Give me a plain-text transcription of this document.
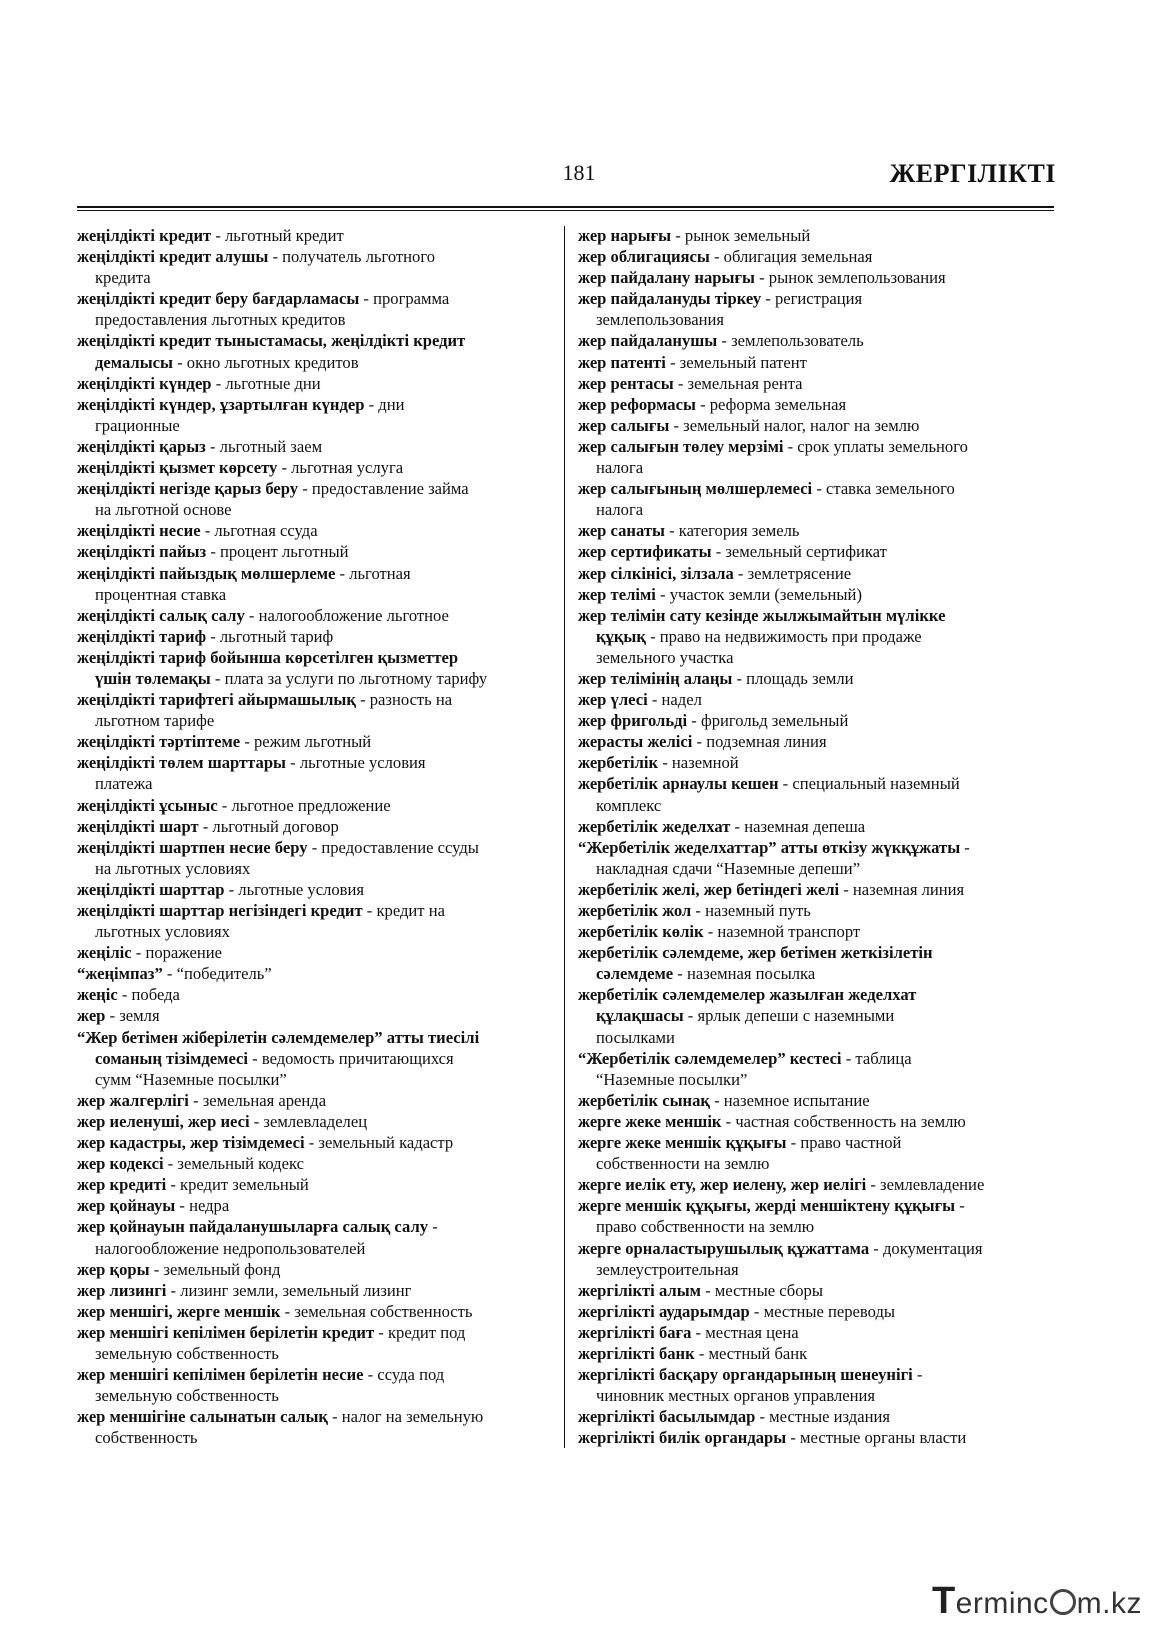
181	ЖЕРГІЛІКТІ

жеңілдікті кредит - льготный кредит

жеңілдікті кредит алушы - получатель льготного
кредита

жеңілдікті кредит беру бағдарламасы - программа
предоставления льготных кредитов

жеңілдікті кредит тыныстамасы, жеңілдікті кредит
демалысы - окно льготных кредитов

жеңілдікті күндер - льготные дни

жеңілдікті күндер, ұзартылған күндер - дни
грационные

жеңілдікті қарыз - льготный заем

жеңілдікті қызмет көрсету - льготная услуга

жеңілдікті негізде қарыз беру - предоставление займа
на льготной основе

жеңілдікті несие - льготная ссуда

жеңілдікті пайыз - процент льготный

жеңілдікті пайыздық мөлшерлеме - льготная
процентная ставка

жеңілдікті салық салу - налогообложение льготное

жеңілдікті тариф - льготный тариф

жеңілдікті тариф бойынша көрсетілген қызметтер
үшін төлемақы - плата за услуги по льготному тарифу

жеңілдікті тарифтегі айырмашылық - разность на
льготном тарифе

жеңілдікті тәртіптеме - режим льготный

жеңілдікті төлем шарттары - льготные условия
платежа

жеңілдікті ұсыныс - льготное предложение

жеңілдікті шарт - льготный договор

жеңілдікті шартпен несие беру - предоставление ссуды
на льготных условиях

жеңілдікті шарттар - льготные условия

жеңілдікті шарттар негізіндегі кредит - кредит на
льготных условиях

жеңіліс - поражение

“жеңімпаз” - “победитель”

жеңіс - победа

жер - земля

“Жер бетімен жіберілетін сәлемдемелер” атты тиесілі
соманың тізімдемесі - ведомость причитающихся
сумм “Наземные посылки”

жер жалгерлігі - земельная аренда

жер иеленуші, жер иесі - землевладелец

жер кадастры, жер тізімдемесі - земельный кадастр

жер кодексі - земельный кодекс

жер кредиті - кредит земельный

жер қойнауы - недра

жер қойнауын пайдаланушыларға салық салу -
налогообложение недропользователей

жер қоры - земельный фонд

жер лизингі - лизинг земли, земельный лизинг

жер меншігі, жерге меншік - земельная собственность

жер меншігі кепілімен берілетін кредит - кредит под
земельную собственность

жер меншігі кепілімен берілетін несие - ссуда под
земельную собственность

жер меншігіне салынатын салық - налог на земельную
собственность

жер нарығы - рынок земельный

жер облигациясы - облигация земельная

жер пайдалану нарығы - рынок землепользования

жер пайдалануды тіркеу - регистрация
землепользования

жер пайдаланушы - землепользователь

жер патенті - земельный патент

жер рентасы - земельная рента

жер реформасы - реформа земельная

жер салығы - земельный налог, налог на землю

жер салығын төлеу мерзімі - срок уплаты земельного
налога

жер салығының мөлшерлемесі - ставка земельного
налога

жер санаты - категория земель

жер сертификаты - земельный сертификат

жер сілкінісі, зілзала - землетрясение

жер телімі - участок земли (земельный)

жер телімін сату кезінде жылжымайтын мүлікке
құқық - право на недвижимость при продаже
земельного участка

жер телімінің алаңы - площадь земли

жер үлесі - надел

жер фригольді - фригольд земельный

жерасты желісі - подземная линия

жербетілік - наземной

жербетілік арнаулы кешен - специальный наземный
комплекс

жербетілік жеделхат - наземная депеша

“Жербетілік жеделхаттар” атты өткізу жүкқұжаты -
накладная сдачи “Наземные депеши”

жербетілік желі, жер бетіндегі желі - наземная линия

жербетілік жол - наземный путь

жербетілік көлік - наземной транспорт

жербетілік сәлемдеме, жер бетімен жеткізілетін
сәлемдеме - наземная посылка

жербетілік сәлемдемелер жазылған жеделхат
құлақшасы - ярлык депеши с наземными
посылками

“Жербетілік сәлемдемелер” кестесі - таблица
“Наземные посылки”

жербетілік сынақ - наземное испытание

жерге жеке меншік - частная собственность на землю

жерге жеке меншік құқығы - право частной
собственности на землю

жерге иелік ету, жер иелену, жер иелігі - землевладение

жерге меншік құқығы, жерді меншіктену құқығы -
право собственности на землю

жерге орналастырушылық құжаттама - документация
землеустроительная

жергілікті алым - местные сборы

жергілікті аударымдар - местные переводы

жергілікті баға - местная цена

жергілікті банк - местный банк

жергілікті басқару органдарының шенеунігі -
чиновник местных органов управления

жергілікті басылымдар - местные издания

жергілікті билік органдары - местные органы власти

Terminc m.kz
